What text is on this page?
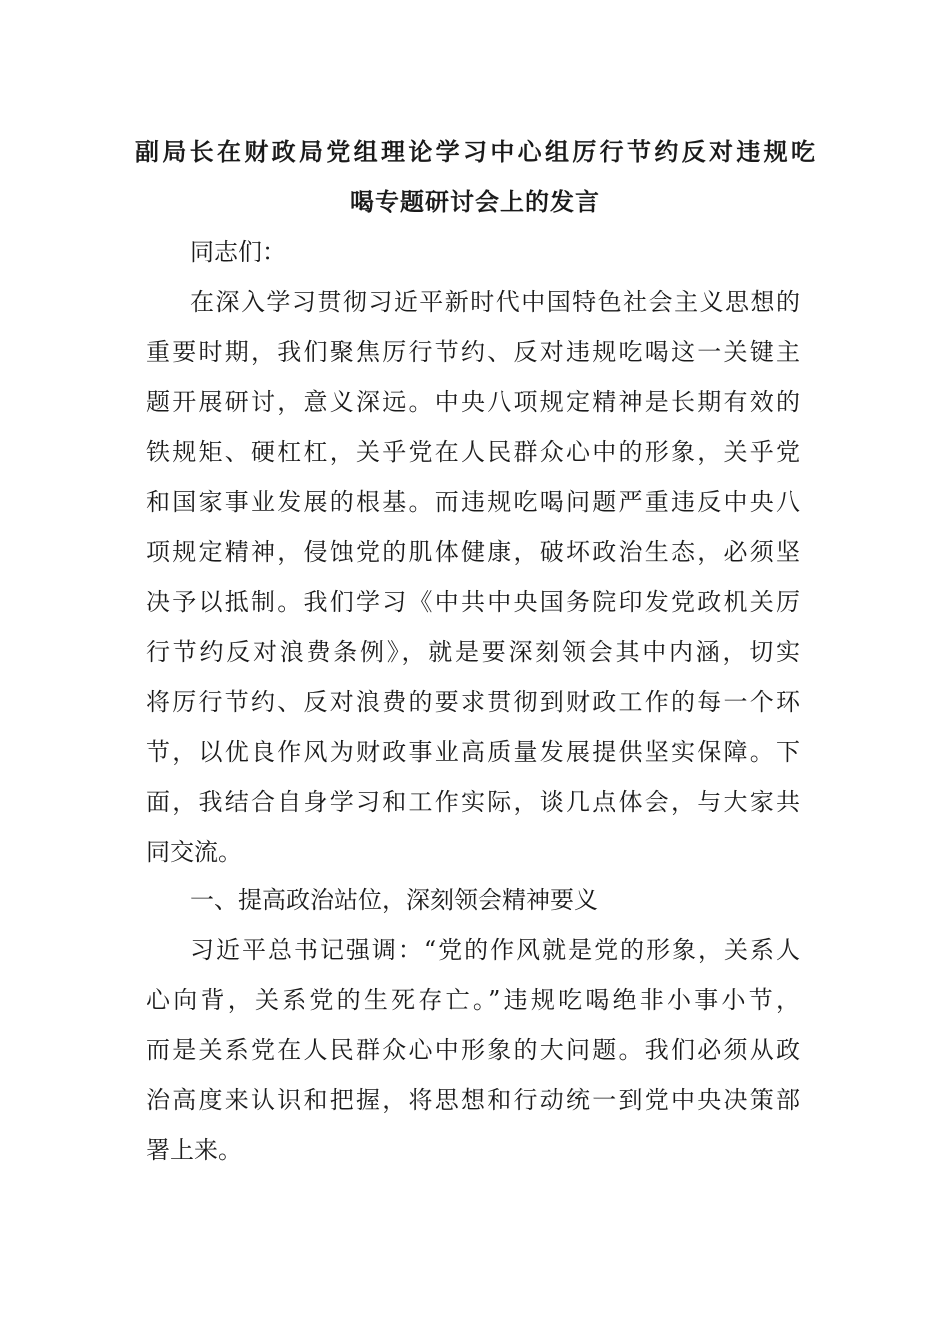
副局长在财政局党组理论学习中心组厉行节约反对违规吃
喝专题研讨会上的发言
同志们：
在深入学习贯彻习近平新时代中国特色社会主义思想的
重要时期，我们聚焦厉行节约、反对违规吃喝这一关键主
题开展研讨，意义深远。中央八项规定精神是长期有效的
铁规矩、硬杠杠，关乎党在人民群众心中的形象，关乎党
和国家事业发展的根基。而违规吃喝问题严重违反中央八
项规定精神，侵蚀党的肌体健康，破坏政治生态，必须坚
决予以抵制。我们学习《中共中央国务院印发党政机关厉
行节约反对浪费条例》，就是要深刻领会其中内涵，切实
将厉行节约、反对浪费的要求贯彻到财政工作的每一个环
节，以优良作风为财政事业高质量发展提供坚实保障。下
面，我结合自身学习和工作实际，谈几点体会，与大家共
同交流。
一、提高政治站位，深刻领会精神要义
习近平总书记强调：“党的作风就是党的形象，关系人
心向背，关系党的生死存亡。”违规吃喝绝非小事小节，
而是关系党在人民群众心中形象的大问题。我们必须从政
治高度来认识和把握，将思想和行动统一到党中央决策部
署上来。
